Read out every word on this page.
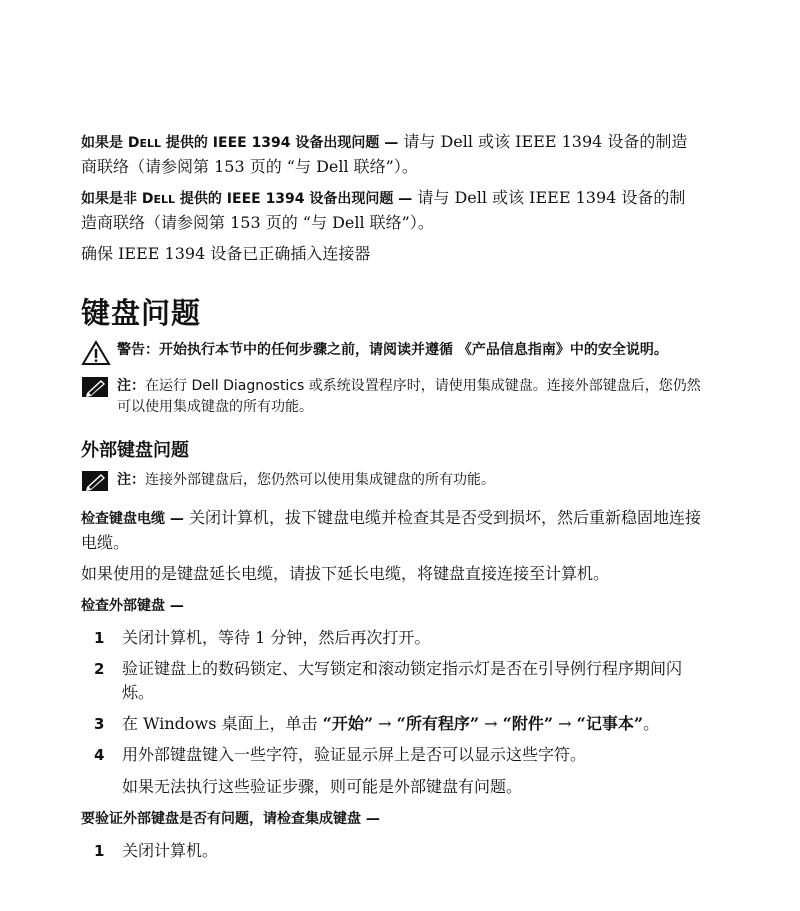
如果是 DELL 提供的 IEEE 1394 设备出现问题 — 请与 Dell 或该 IEEE 1394 设备的制造商联络（请参阅第 153 页的 “与 Dell 联络”）。

如果是非 DELL 提供的 IEEE 1394 设备出现问题 — 请与 Dell 或该 IEEE 1394 设备的制造商联络（请参阅第 153 页的 “与 Dell 联络”）。

确保 IEEE 1394 设备已正确插入连接器

键盘问题
警告：开始执行本节中的任何步骤之前，请阅读并遵循 《产品信息指南》中的安全说明。
注：在运行 Dell Diagnostics 或系统设置程序时，请使用集成键盘。连接外部键盘后，您仍然可以使用集成键盘的所有功能。
外部键盘问题
注：连接外部键盘后，您仍然可以使用集成键盘的所有功能。

检查键盘电缆 — 关闭计算机，拔下键盘电缆并检查其是否受到损坏，然后重新稳固地连接电缆。

如果使用的是键盘延长电缆，请拔下延长电缆，将键盘直接连接至计算机。

检查外部键盘 —

1	关闭计算机，等待 1 分钟，然后再次打开。
2	验证键盘上的数码锁定、大写锁定和滚动锁定指示灯是否在引导例行程序期间闪烁。
3	在 Windows 桌面上，单击 “开始” → “所有程序” → “附件” → “记事本”。
4	用外部键盘键入一些字符，验证显示屏上是否可以显示这些字符。

如果无法执行这些验证步骤，则可能是外部键盘有问题。

要验证外部键盘是否有问题，请检查集成键盘 —

1	关闭计算机。
